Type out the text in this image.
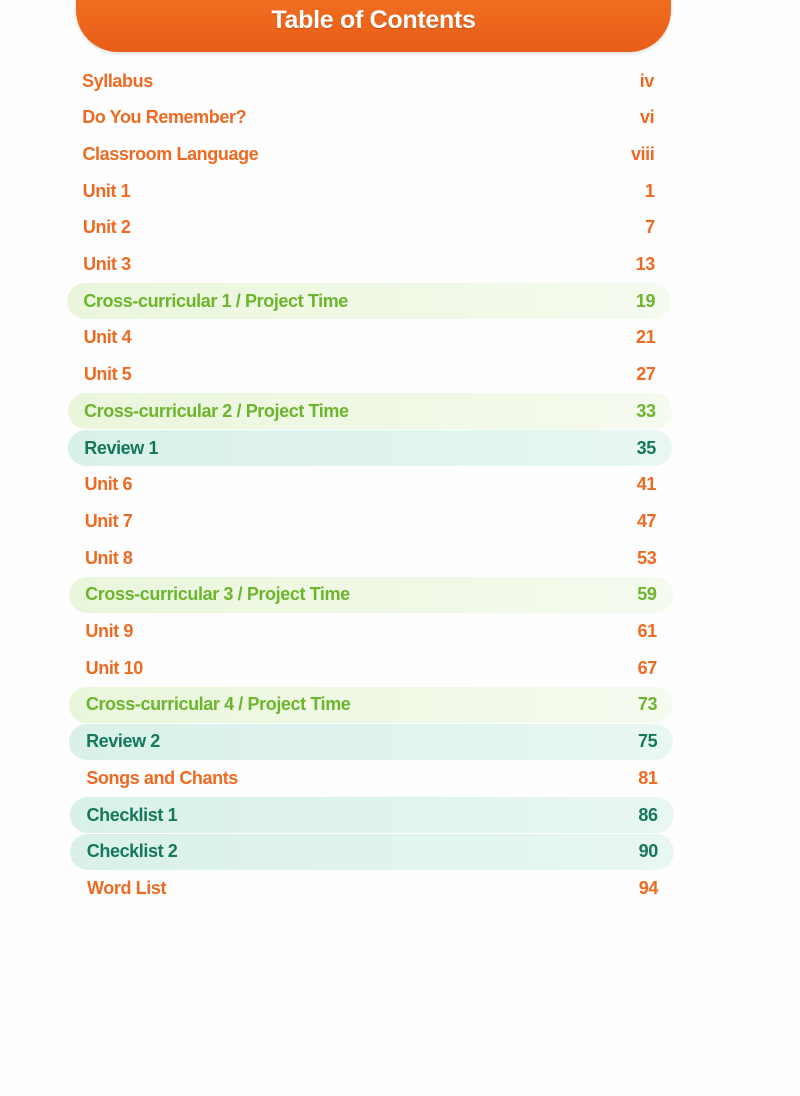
Table of Contents
Syllabus	iv
Do You Remember?	vi
Classroom Language	viii
Unit 1	1
Unit 2	7
Unit 3	13
Cross-curricular 1 / Project Time	19
Unit 4	21
Unit 5	27
Cross-curricular 2 / Project Time	33
Review 1	35
Unit 6	41
Unit 7	47
Unit 8	53
Cross-curricular 3 / Project Time	59
Unit 9	61
Unit 10	67
Cross-curricular 4 / Project Time	73
Review 2	75
Songs and Chants	81
Checklist 1	86
Checklist 2	90
Word List	94
